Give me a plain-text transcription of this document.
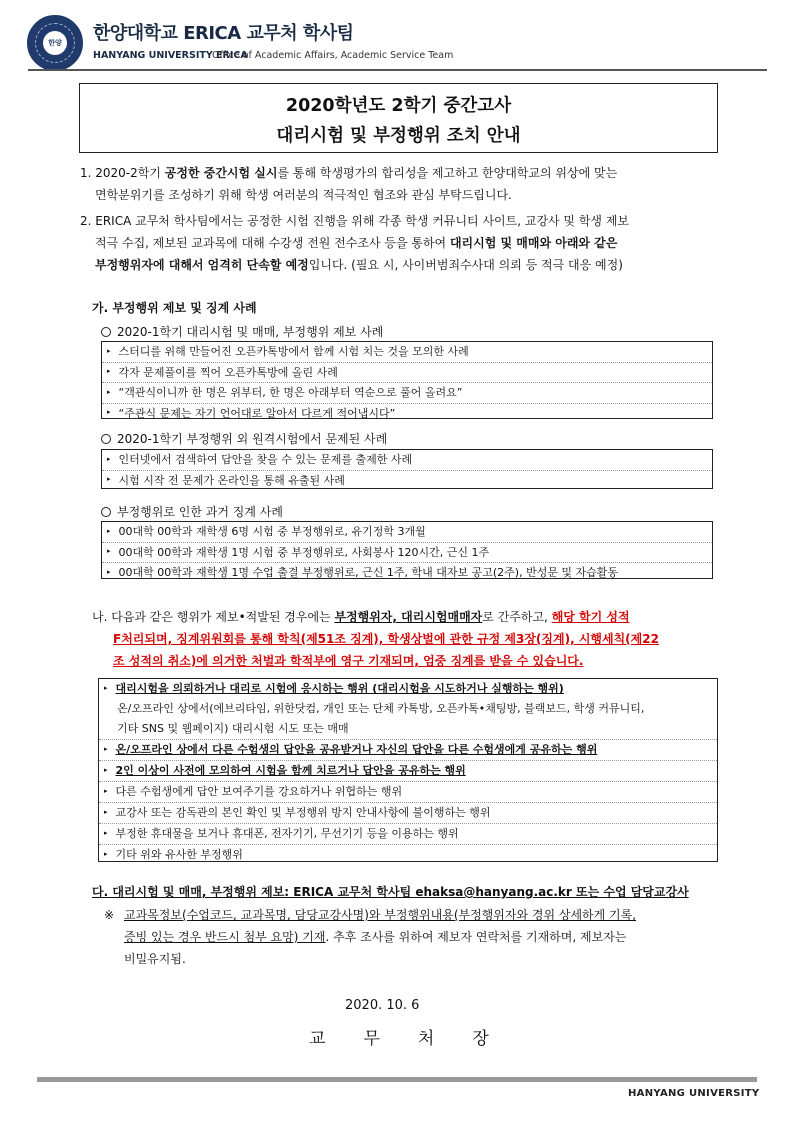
한양 한양대학교 ERICA 교무처 학사팀
HANYANG UNIVERSITY ERICA
Office of Academic Affairs, Academic Service Team
2020학년도 2학기 중간고사
대리시험 및 부정행위 조치 안내
1. 2020-2학기 공정한 중간시험 실시를 통해 학생평가의 합리성을 제고하고 한양대학교의 위상에 맞는
면학분위기를 조성하기 위해 학생 여러분의 적극적인 협조와 관심 부탁드립니다.
2. ERICA 교무처 학사팀에서는 공정한 시험 진행을 위해 각종 학생 커뮤니티 사이트, 교강사 및 학생 제보
적극 수집, 제보된 교과목에 대해 수강생 전원 전수조사 등을 통하여 대리시험 및 매매와 아래와 같은
부정행위자에 대해서 엄격히 단속할 예정입니다. (필요 시, 사이버범죄수사대 의뢰 등 적극 대응 예정)
가. 부정행위 제보 및 징계 사례
2020-1학기 대리시험 및 매매, 부정행위 제보 사례
▸ 스터디를 위해 만들어진 오픈카톡방에서 함께 시험 치는 것을 모의한 사례
▸ 각자 문제풀이를 찍어 오픈카톡방에 올린 사례
▸ “객관식이니까 한 명은 위부터, 한 명은 아래부터 역순으로 풀어 올려요”
▸ “주관식 문제는 자기 언어대로 알아서 다르게 적어냅시다”
2020-1학기 부정행위 외 원격시험에서 문제된 사례
▸ 인터넷에서 검색하여 답안을 찾을 수 있는 문제를 출제한 사례
▸ 시험 시작 전 문제가 온라인을 통해 유출된 사례
부정행위로 인한 과거 징계 사례
▸ 00대학 00학과 재학생 6명 시험 중 부정행위로, 유기정학 3개월
▸ 00대학 00학과 재학생 1명 시험 중 부정행위로, 사회봉사 120시간, 근신 1주
▸ 00대학 00학과 재학생 1명 수업 출결 부정행위로, 근신 1주, 학내 대자보 공고(2주), 반성문 및 자습활동
나. 다음과 같은 행위가 제보•적발된 경우에는 부정행위자, 대리시험매매자로 간주하고, 해당 학기 성적
F처리되며, 징계위원회를 통해 학칙(제51조 징계), 학생상벌에 관한 규정 제3장(징계), 시행세칙(제22
조 성적의 취소)에 의거한 처벌과 학적부에 영구 기재되며, 엄중 징계를 받을 수 있습니다.
▸ 대리시험을 의뢰하거나 대리로 시험에 응시하는 행위 (대리시험을 시도하거나 실행하는 행위)
온/오프라인 상에서(에브리타임, 위한닷컴, 개인 또는 단체 카톡방, 오픈카톡•채팅방, 블랙보드, 학생 커뮤니티,
기타 SNS 및 웹페이지) 대리시험 시도 또는 매매
▸ 온/오프라인 상에서 다른 수험생의 답안을 공유받거나 자신의 답안을 다른 수험생에게 공유하는 행위
▸ 2인 이상이 사전에 모의하여 시험을 함께 치르거나 답안을 공유하는 행위
▸ 다른 수험생에게 답안 보여주기를 강요하거나 위협하는 행위
▸ 교강사 또는 감독관의 본인 확인 및 부정행위 방지 안내사항에 불이행하는 행위
▸ 부정한 휴대물을 보거나 휴대폰, 전자기기, 무선기기 등을 이용하는 행위
▸ 기타 위와 유사한 부정행위
다. 대리시험 및 매매, 부정행위 제보: ERICA 교무처 학사팀 ehaksa@hanyang.ac.kr 또는 수업 담당교강사
※ 교과목정보(수업코드, 교과목명, 담당교강사명)와 부정행위내용(부정행위자와 경위 상세하게 기록,
증빙 있는 경우 반드시 첨부 요망) 기재. 추후 조사를 위하여 제보자 연락처를 기재하며, 제보자는
비밀유지됨.
2020. 10. 6
교 무 처 장
HANYANG UNIVERSITY
